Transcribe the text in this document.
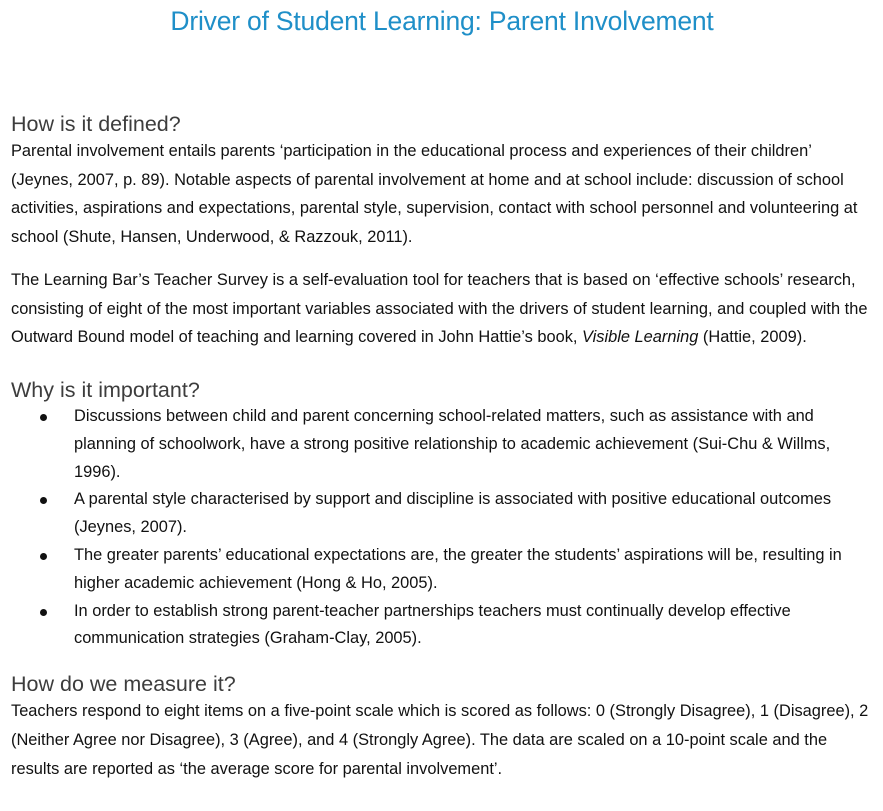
Driver of Student Learning: Parent Involvement
How is it defined?

Parental involvement entails parents ‘participation in the educational process and experiences of their children’ (Jeynes, 2007, p. 89). Notable aspects of parental involvement at home and at school include: discussion of school activities, aspirations and expectations, parental style, supervision, contact with school personnel and volunteering at school (Shute, Hansen, Underwood, & Razzouk, 2011).

The Learning Bar’s Teacher Survey is a self-evaluation tool for teachers that is based on ‘effective schools’ research, consisting of eight of the most important variables associated with the drivers of student learning, and coupled with the Outward Bound model of teaching and learning covered in John Hattie’s book, Visible Learning (Hattie, 2009).

Why is it important?
Discussions between child and parent concerning school-related matters, such as assistance with and planning of schoolwork, have a strong positive relationship to academic achievement (Sui-Chu & Willms, 1996).
A parental style characterised by support and discipline is associated with positive educational outcomes (Jeynes, 2007).
The greater parents’ educational expectations are, the greater the students’ aspirations will be, resulting in higher academic achievement (Hong & Ho, 2005).
In order to establish strong parent-teacher partnerships teachers must continually develop effective communication strategies (Graham-Clay, 2005).
How do we measure it?

Teachers respond to eight items on a five-point scale which is scored as follows: 0 (Strongly Disagree), 1 (Disagree), 2 (Neither Agree nor Disagree), 3 (Agree), and 4 (Strongly Agree). The data are scaled on a 10-point scale and the results are reported as ‘the average score for parental involvement’.
